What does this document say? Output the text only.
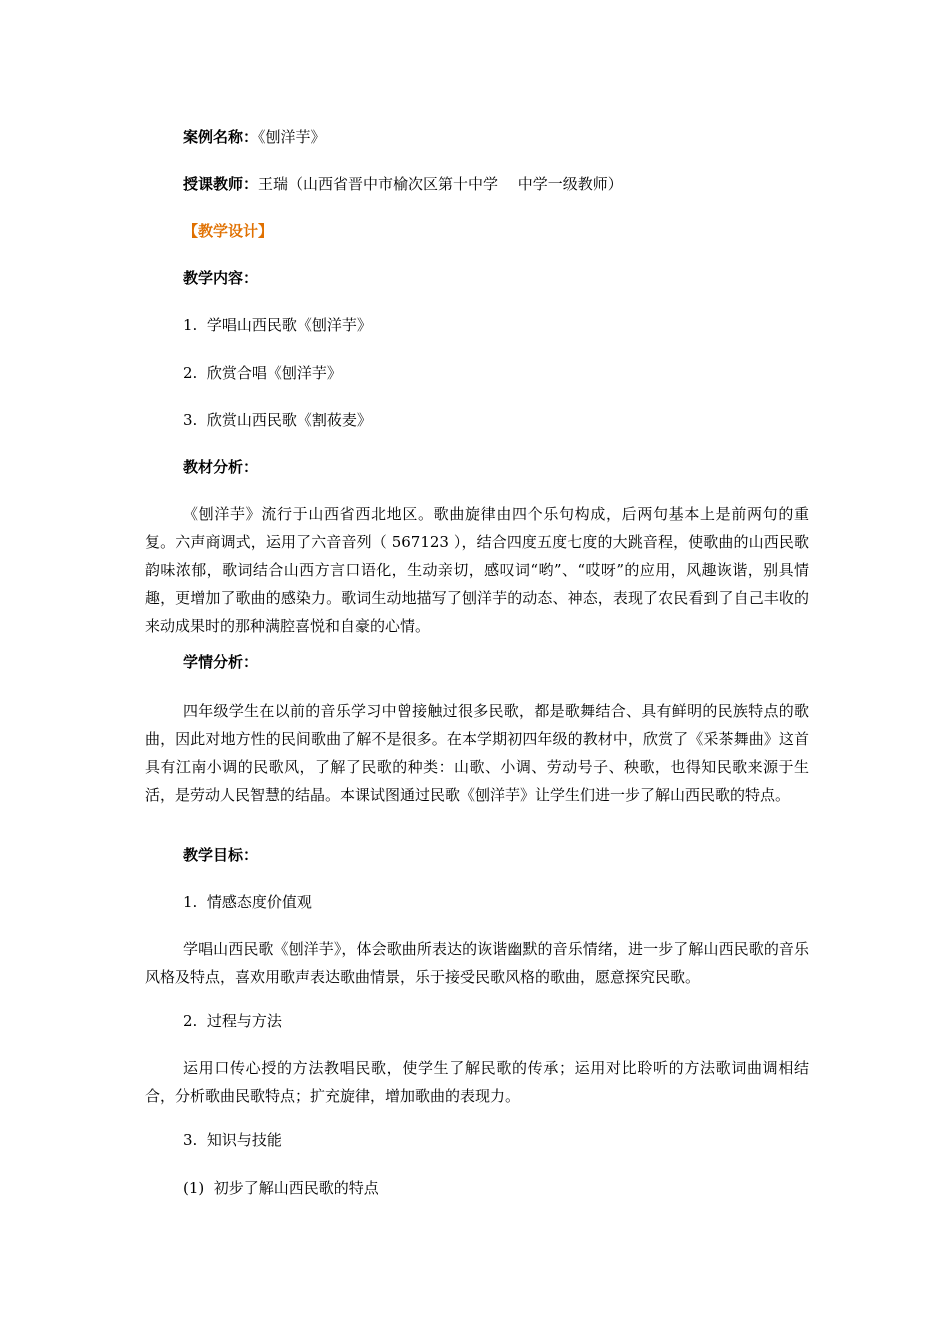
案例名称：《刨洋芋》
授课教师：王瑞（山西省晋中市榆次区第十中学　 中学一级教师）
【教学设计】
教学内容：
1.  学唱山西民歌《刨洋芋》
2.  欣赏合唱《刨洋芋》
3.  欣赏山西民歌《割莜麦》
教材分析：
《刨洋芋》流行于山西省西北地区。歌曲旋律由四个乐句构成，后两句基本上是前两句的重复。六声商调式，运用了六音音列（ 567123 ），结合四度五度七度的大跳音程，使歌曲的山西民歌韵味浓郁，歌词结合山西方言口语化，生动亲切，感叹词“哟”、“哎呀”的应用，风趣诙谐，别具情趣，更增加了歌曲的感染力。歌词生动地描写了刨洋芋的动态、神态，表现了农民看到了自己丰收的来动成果时的那种满腔喜悦和自豪的心情。
学情分析：
四年级学生在以前的音乐学习中曾接触过很多民歌，都是歌舞结合、具有鲜明的民族特点的歌曲，因此对地方性的民间歌曲了解不是很多。在本学期初四年级的教材中，欣赏了《采茶舞曲》这首具有江南小调的民歌风，了解了民歌的种类：山歌、小调、劳动号子、秧歌，也得知民歌来源于生活，是劳动人民智慧的结晶。本课试图通过民歌《刨洋芋》让学生们进一步了解山西民歌的特点。
教学目标：
1.  情感态度价值观
学唱山西民歌《刨洋芋》，体会歌曲所表达的诙谐幽默的音乐情绪，进一步了解山西民歌的音乐风格及特点，喜欢用歌声表达歌曲情景，乐于接受民歌风格的歌曲，愿意探究民歌。
2.  过程与方法
运用口传心授的方法教唱民歌，使学生了解民歌的传承；运用对比聆听的方法歌词曲调相结合，分析歌曲民歌特点；扩充旋律，增加歌曲的表现力。
3.  知识与技能
(1)  初步了解山西民歌的特点
